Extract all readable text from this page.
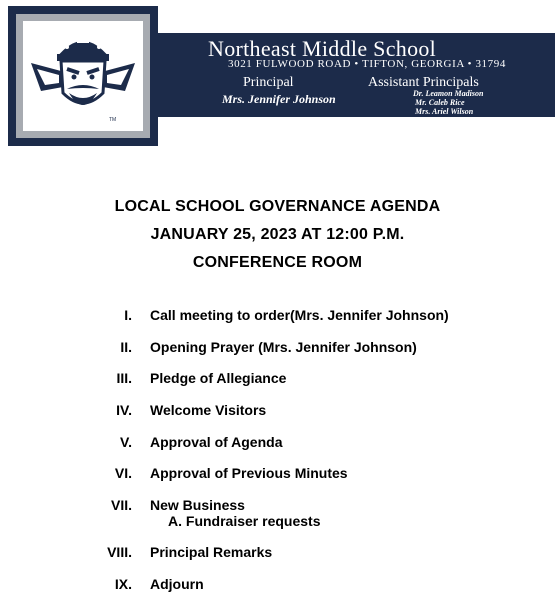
TM
Northeast Middle School
3021 FULWOOD ROAD • TIFTON, GEORGIA • 31794
Principal
Mrs. Jennifer Johnson
Assistant Principals
Dr. Leamon Madison
Mr. Caleb Rice
Mrs. Ariel Wilson
LOCAL SCHOOL GOVERNANCE AGENDA
JANUARY 25, 2023 AT 12:00 P.M.
CONFERENCE ROOM
I. Call meeting to order(Mrs. Jennifer Johnson)
II. Opening Prayer (Mrs. Jennifer Johnson)
III. Pledge of Allegiance
IV. Welcome Visitors
V. Approval of Agenda
VI. Approval of Previous Minutes
VII. New Business
A. Fundraiser requests
VIII. Principal Remarks
IX. Adjourn
